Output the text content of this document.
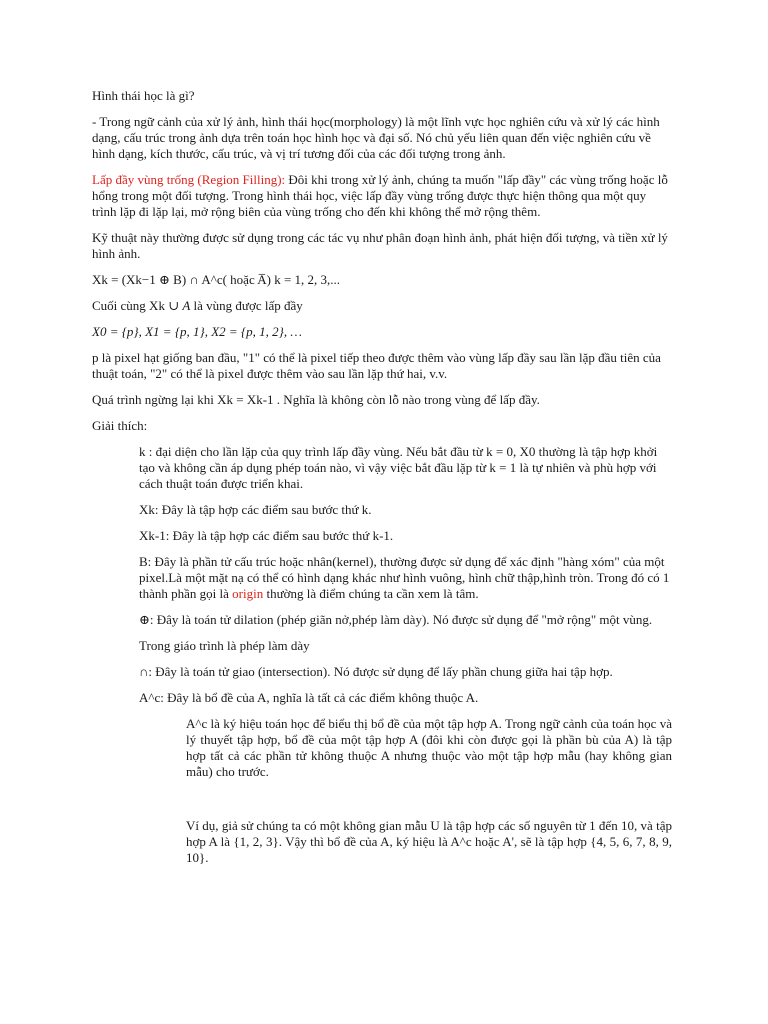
Hình thái học là gì?

- Trong ngữ cảnh của xử lý ảnh, hình thái học(morphology) là một lĩnh vực học nghiên cứu và xử lý các hình dạng, cấu trúc trong ảnh dựa trên toán học hình học và đại số. Nó chủ yếu liên quan đến việc nghiên cứu về hình dạng, kích thước, cấu trúc, và vị trí tương đối của các đối tượng trong ảnh.

Lấp đầy vùng trống (Region Filling): Đôi khi trong xử lý ảnh, chúng ta muốn "lấp đầy" các vùng trống hoặc lỗ hổng trong một đối tượng. Trong hình thái học, việc lấp đầy vùng trống được thực hiện thông qua một quy trình lặp đi lặp lại, mở rộng biên của vùng trống cho đến khi không thể mở rộng thêm.

Kỹ thuật này thường được sử dụng trong các tác vụ như phân đoạn hình ảnh, phát hiện đối tượng, và tiền xử lý hình ảnh.

Xk = (Xk−1 ⊕ B) ∩ A^c( hoặc A̅) k = 1, 2, 3,...

Cuối cùng Xk ∪ A là vùng được lấp đầy

X0 = {p}, X1 = {p, 1}, X2 = {p, 1, 2}, …

p là pixel hạt giống ban đầu, "1" có thể là pixel tiếp theo được thêm vào vùng lấp đầy sau lần lặp đầu tiên của thuật toán, "2" có thể là pixel được thêm vào sau lần lặp thứ hai, v.v.

Quá trình ngừng lại khi Xk = Xk-1 . Nghĩa là không còn lỗ nào trong vùng để lấp đầy.

Giải thích:

k : đại diện cho lần lặp của quy trình lấp đầy vùng. Nếu bắt đầu từ k = 0, X0 thường là tập hợp khởi tạo và không cần áp dụng phép toán nào, vì vậy việc bắt đầu lặp từ k = 1 là tự nhiên và phù hợp với cách thuật toán được triển khai.

Xk: Đây là tập hợp các điểm sau bước thứ k.

Xk-1: Đây là tập hợp các điểm sau bước thứ k-1.

B: Đây là phần tử cấu trúc hoặc nhân(kernel), thường được sử dụng để xác định "hàng xóm" của một pixel.Là một mặt nạ có thể có hình dạng khác như hình vuông, hình chữ thập,hình tròn. Trong đó có 1 thành phần gọi là origin thường là điểm chúng ta cần xem là tâm.

⊕: Đây là toán tử dilation (phép giãn nở,phép làm dày). Nó được sử dụng để "mở rộng" một vùng.

Trong giáo trình là phép làm dày

∩: Đây là toán tử giao (intersection). Nó được sử dụng để lấy phần chung giữa hai tập hợp.

A^c: Đây là bổ đề của A, nghĩa là tất cả các điểm không thuộc A.

A^c là ký hiệu toán học để biểu thị bổ đề của một tập hợp A. Trong ngữ cảnh của toán học và lý thuyết tập hợp, bổ đề của một tập hợp A (đôi khi còn được gọi là phần bù của A) là tập hợp tất cả các phần tử không thuộc A nhưng thuộc vào một tập hợp mẫu (hay không gian mẫu) cho trước.

Ví dụ, giả sử chúng ta có một không gian mẫu U là tập hợp các số nguyên từ 1 đến 10, và tập hợp A là {1, 2, 3}. Vậy thì bổ đề của A, ký hiệu là A^c hoặc A', sẽ là tập hợp {4, 5, 6, 7, 8, 9, 10}.
